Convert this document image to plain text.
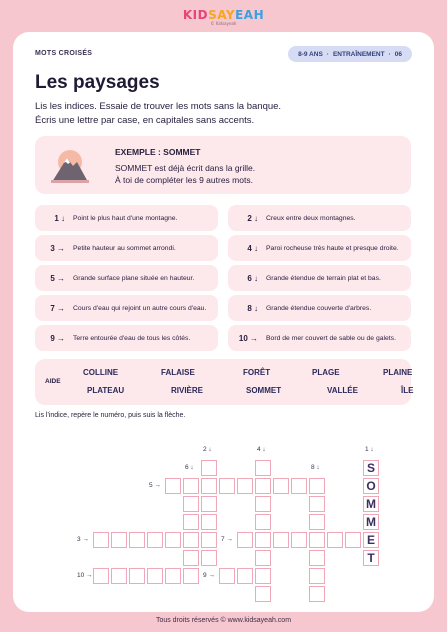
KIDSAYEAH
© Kidsayeah
MOTS CROISÉS	8-9 ANS · ENTRAÎNEMENT · 06
Les paysages
Lis les indices. Essaie de trouver les mots sans la banque.
Écris une lettre par case, en capitales sans accents.
EXEMPLE : SOMMET
SOMMET est déjà écrit dans la grille.
À toi de compléter les 9 autres mots.
1 ↓ Point le plus haut d'une montagne.	2 ↓ Creux entre deux montagnes.
3 → Petite hauteur au sommet arrondi.	4 ↓ Paroi rocheuse très haute et presque droite.
5 → Grande surface plane située en hauteur.	6 ↓ Grande étendue de terrain plat et bas.
7 → Cours d'eau qui rejoint un autre cours d'eau.	8 ↓ Grande étendue couverte d'arbres.
9 → Terre entourée d'eau de tous les côtés.	10 → Bord de mer couvert de sable ou de galets.
AIDE
COLLINE	FALAISE	FORÊT	PLAGE	PLAINE
PLATEAU	RIVIÈRE	SOMMET	VALLÉE	ÎLE
Lis l'indice, repère le numéro, puis suis la flèche.
S
O
M
M
E
T
2 ↓	4 ↓	1 ↓
6 ↓	8 ↓
5 →
3 →	7 →
10 →	9 →
Tous droits réservés © www.kidsayeah.com
